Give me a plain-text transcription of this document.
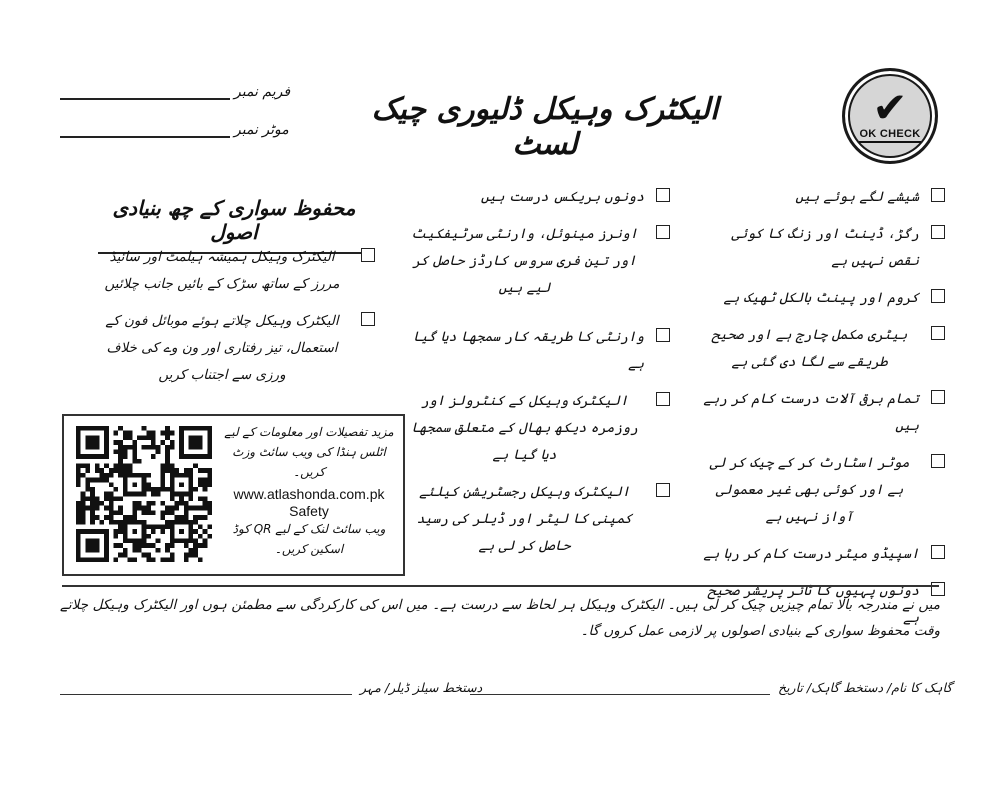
✔
OK CHECK
الیکٹرک وہیکل ڈلیوری چیک لسٹ
فریم نمبر
موٹر نمبر
شیشے لگے ہوئے ہیں
رگڑ، ڈینٹ اور زنگ کا کوئی نقص نہیں ہے
کروم اور پینٹ بالکل ٹھیک ہے
بیٹری مکمل چارج ہے اور صحیح طریقے سے لگا دی گئی ہے
تمام برقی آلات درست کام کر رہے ہیں
موٹر اسٹارٹ کر کے چیک کر لی ہے اور کوئی بھی غیر معمولی آواز نہیں ہے
اسپیڈو میٹر درست کام کر رہا ہے
دونوں پہیوں کا ٹائر پریشر صحیح ہے
دونوں بریکس درست ہیں
اونرز مینوئل، وارنٹی سرٹیفکیٹ اور تین فری سروس کارڈز حاصل کر لیے ہیں
وارنٹی کا طریقہ کار سمجھا دیا گیا ہے
الیکٹرک وہیکل کے کنٹرولز اور روزمرہ دیکھ بھال کے متعلق سمجھا دیا گیا ہے
الیکٹرک وہیکل رجسٹریشن کیلئے کمپنی کا لیٹر اور ڈیلر کی رسید حاصل کر لی ہے
محفوظ سواری کے چھ بنیادی اصول
الیکٹرک وہیکل ہمیشہ ہیلمٹ اور سائیڈ مررز کے ساتھ سڑک کے بائیں جانب چلائیں
الیکٹرک وہیکل چلاتے ہوئے موبائل فون کے استعمال، تیز رفتاری اور ون وے کی خلاف ورزی سے اجتناب کریں
مزید تفصیلات اور معلومات کے لیے
اٹلس ہنڈا کی ویب سائٹ وزٹ کریں۔
www.atlashonda.com.pk
Safety
ویب سائٹ لنک کے لیے QR کوڈ
اسکین کریں۔
میں نے مندرجہ بالا تمام چیزیں چیک کر لی ہیں۔ الیکٹرک وہیکل ہر لحاظ سے درست ہے۔ میں اس کی کارکردگی سے مطمئن ہوں اور الیکٹرک وہیکل چلاتے وقت محفوظ سواری کے بنیادی اصولوں پر لازمی عمل کروں گا۔
گاہک کا نام/ دستخط گاہک/ تاریخ
دستخط سیلز ڈیلر/ مہر
